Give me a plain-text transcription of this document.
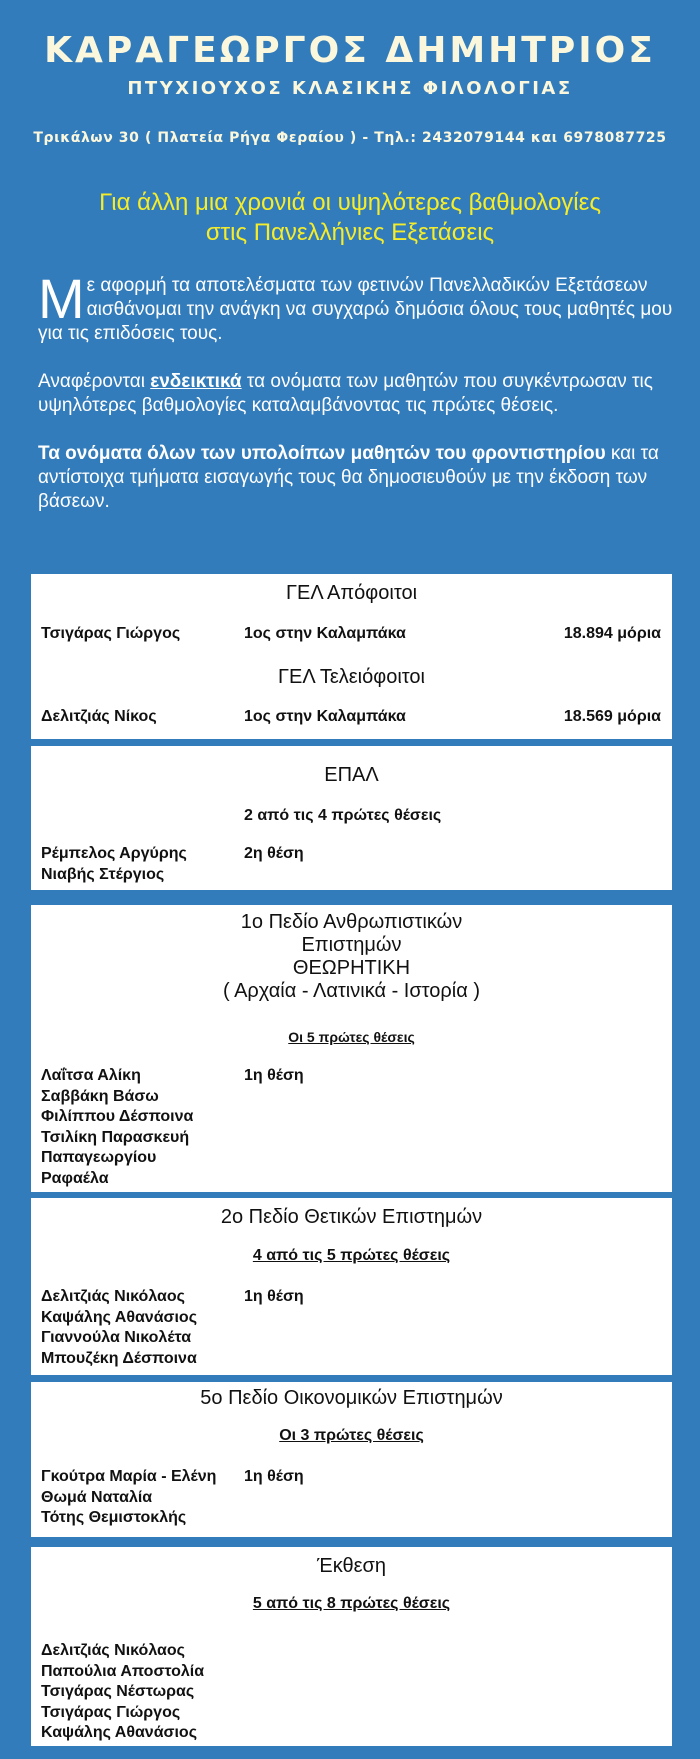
ΚΑΡΑΓΕΩΡΓΟΣ ΔΗΜΗΤΡΙΟΣ
ΠΤΥΧΙΟΥΧΟΣ ΚΛΑΣΙΚΗΣ ΦΙΛΟΛΟΓΙΑΣ
Τρικάλων 30 ( Πλατεία Ρήγα Φεραίου ) - Τηλ.: 2432079144 και 6978087725
Για άλλη μια χρονιά οι υψηλότερες βαθμολογίες
στις Πανελλήνιες Εξετάσεις
Με αφορμή τα αποτελέσματα των φετινών Πανελλαδικών Εξετάσεων αισθάνομαι την ανάγκη να συγχαρώ δημόσια όλους τους μαθητές μου για τις επιδόσεις τους.
Αναφέρονται ενδεικτικά τα ονόματα των μαθητών που συγκέντρωσαν τις υψηλότερες βαθμολογίες καταλαμβάνοντας τις πρώτες θέσεις.
Τα ονόματα όλων των υπολοίπων μαθητών του φροντιστηρίου και τα αντίστοιχα τμήματα εισαγωγής τους θα δημοσιευθούν με την έκδοση των βάσεων.
ΓΕΛ Απόφοιτοι
Τσιγάρας Γιώργος	1ος στην Καλαμπάκα	18.894 μόρια
ΓΕΛ Τελειόφοιτοι
Δελιτζιάς Νίκος	1ος στην Καλαμπάκα	18.569 μόρια
ΕΠΑΛ
2 από τις 4 πρώτες θέσεις
Ρέμπελος Αργύρης
Νιαβής Στέργιος
2η θέση
1ο Πεδίο Ανθρωπιστικών
Επιστημών
ΘΕΩΡΗΤΙΚΗ
( Αρχαία - Λατινικά - Ιστορία )
Οι 5 πρώτες θέσεις
Λαΐτσα Αλίκη
Σαββάκη Βάσω
Φιλίππου Δέσποινα
Τσιλίκη Παρασκευή
Παπαγεωργίου
Ραφαέλα
1η θέση
2ο Πεδίο Θετικών Επιστημών
4 από τις 5 πρώτες θέσεις
Δελιτζιάς Νικόλαος
Καψάλης Αθανάσιος
Γιαννούλα Νικολέτα
Μπουζέκη Δέσποινα
1η θέση
5ο Πεδίο Οικονομικών Επιστημών
Οι 3 πρώτες θέσεις
Γκούτρα Μαρία - Ελένη
Θωμά Ναταλία
Τότης Θεμιστοκλής
1η θέση
Έκθεση
5 από τις 8 πρώτες θέσεις
Δελιτζιάς Νικόλαος
Παπούλια Αποστολία
Τσιγάρας Νέστωρας
Τσιγάρας Γιώργος
Καψάλης Αθανάσιος
